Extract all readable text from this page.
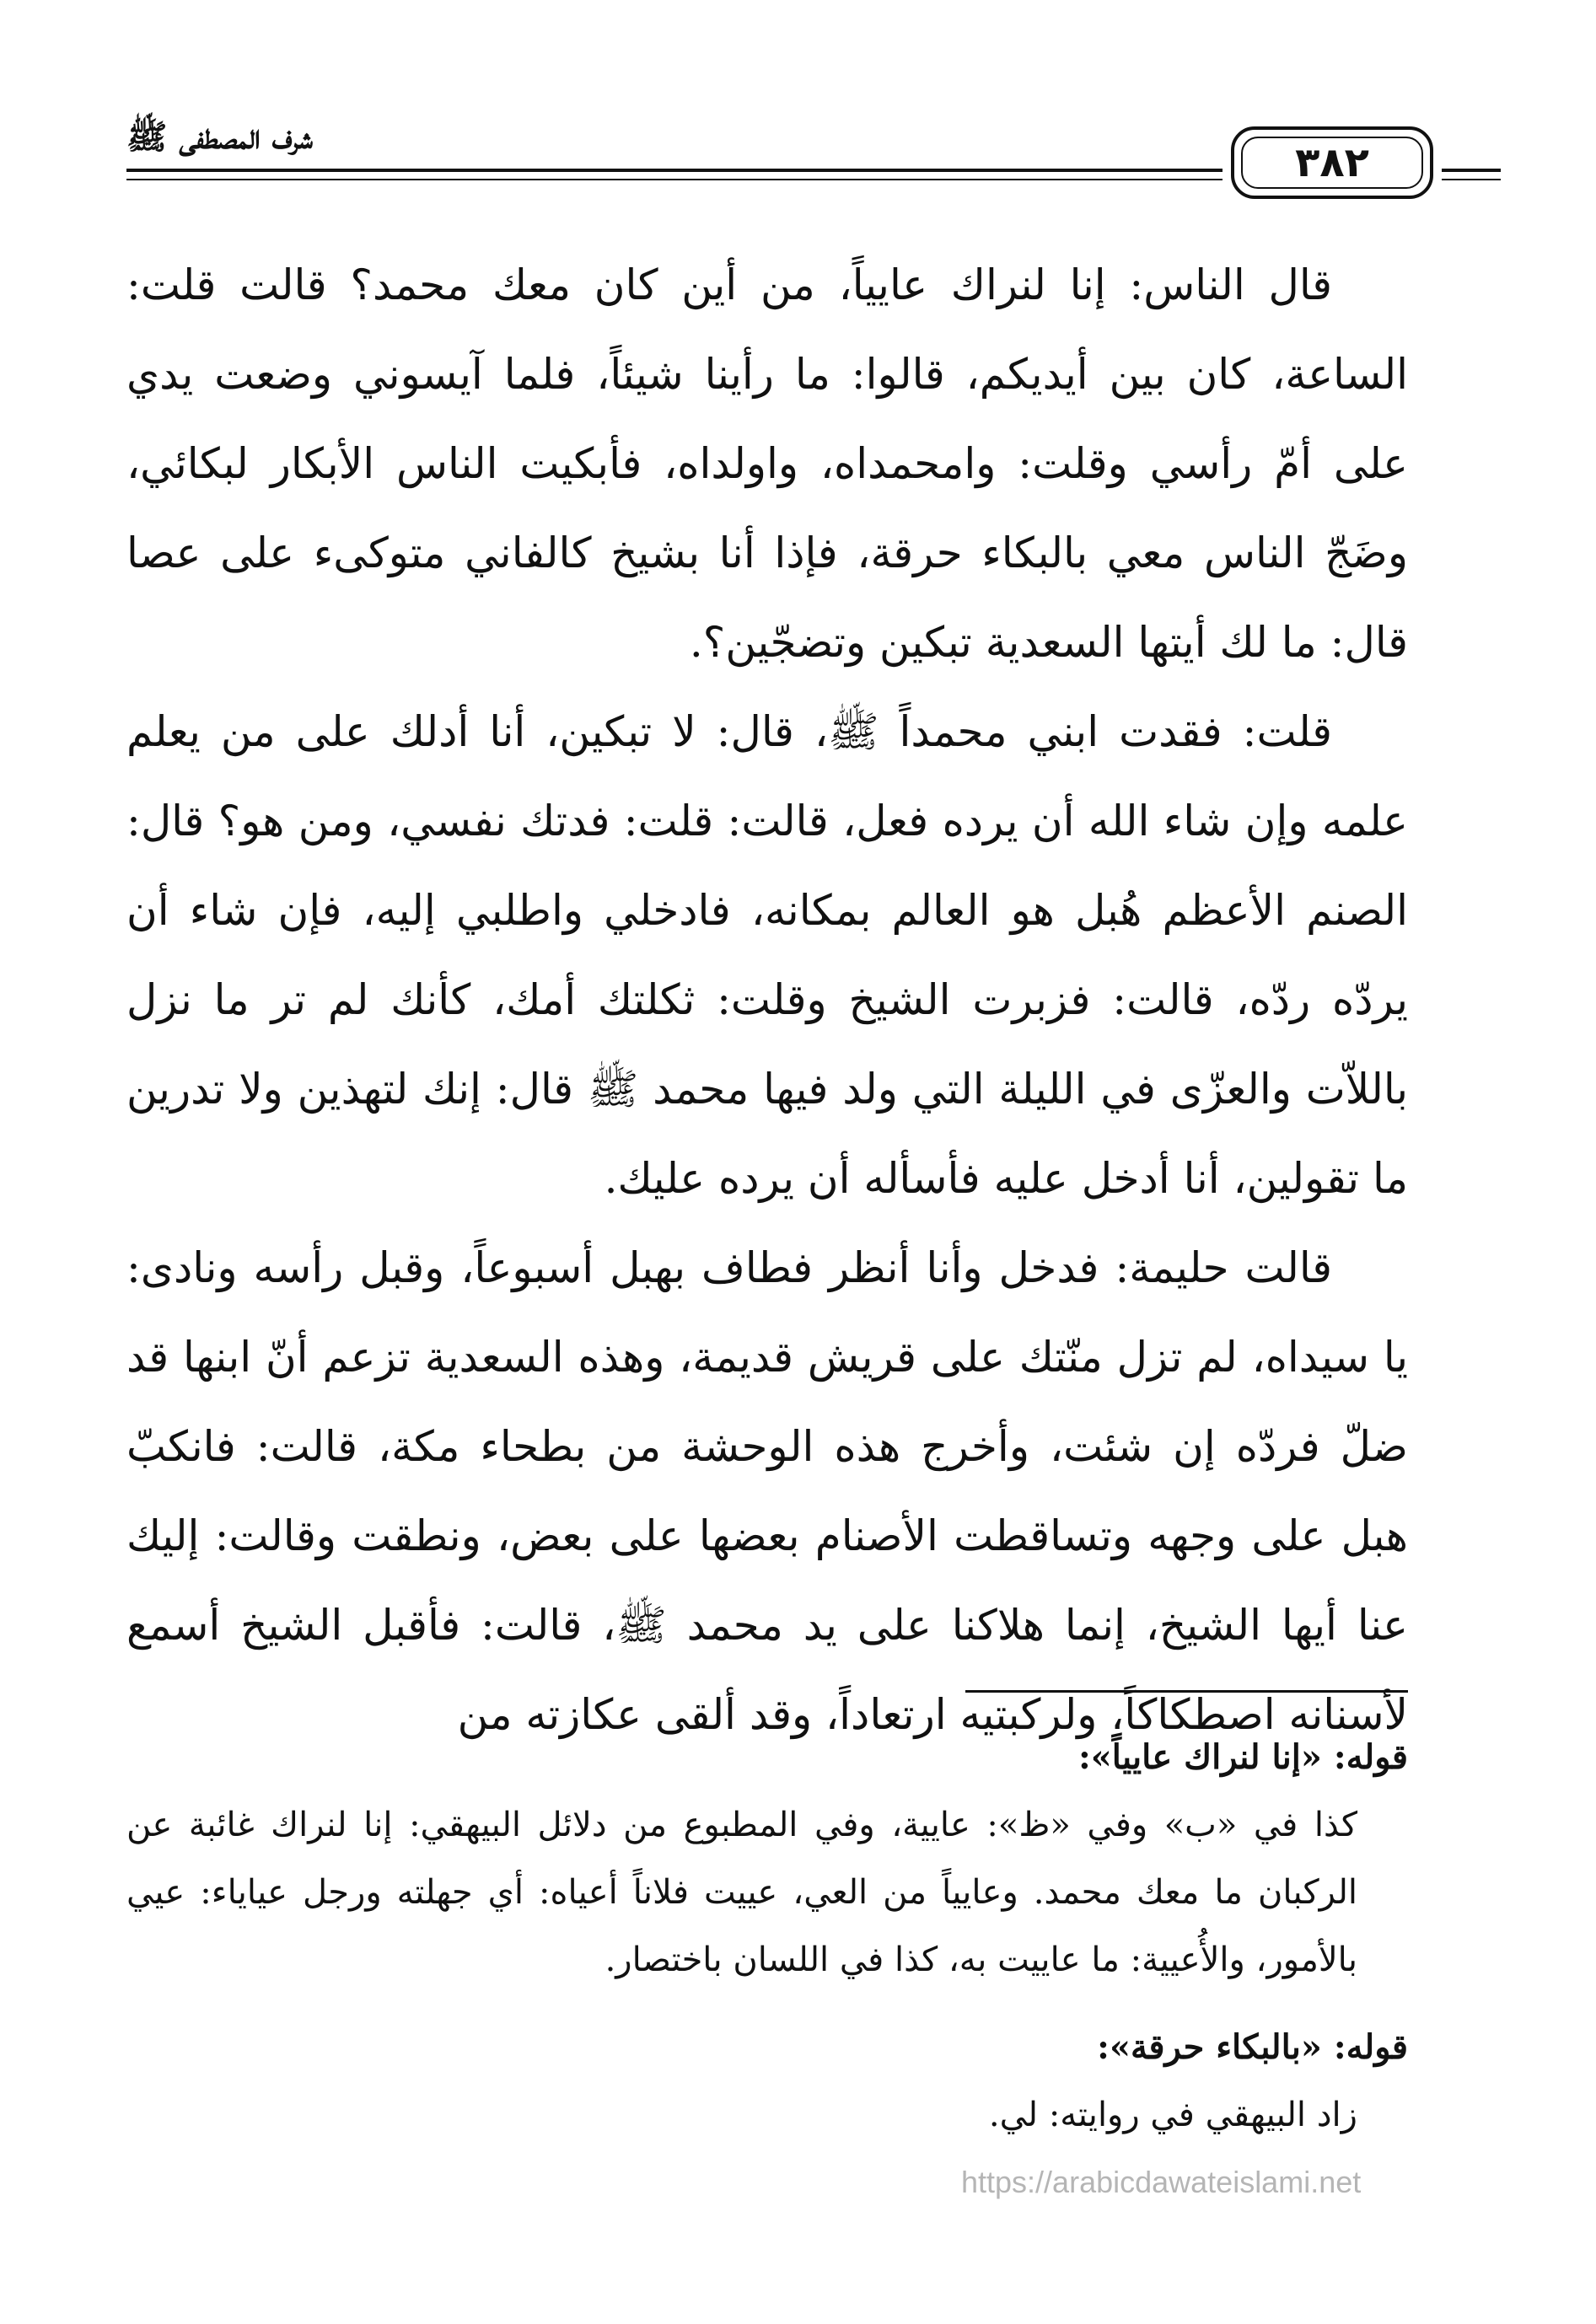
شرف المصطفى ﷺ
٣٨٢

قال الناس: إنا لنراك عايياً، من أين كان معك محمد؟ قالت قلت: الساعة، كان بين أيديكم، قالوا: ما رأينا شيئاً، فلما آيسوني وضعت يدي على أمّ رأسي وقلت: وامحمداه، واولداه، فأبكيت الناس الأبكار لبكائي، وضَجّ الناس معي بالبكاء حرقة، فإذا أنا بشيخ كالفاني متوكىء على عصا قال: ما لك أيتها السعدية تبكين وتضجّين؟.

قلت: فقدت ابني محمداً ﷺ، قال: لا تبكين، أنا أدلك على من يعلم علمه وإن شاء الله أن يرده فعل، قالت: قلت: فدتك نفسي، ومن هو؟ قال: الصنم الأعظم هُبل هو العالم بمكانه، فادخلي واطلبي إليه، فإن شاء أن يردّه ردّه، قالت: فزبرت الشيخ وقلت: ثكلتك أمك، كأنك لم تر ما نزل باللاّت والعزّى في الليلة التي ولد فيها محمد ﷺ قال: إنك لتهذين ولا تدرين ما تقولين، أنا أدخل عليه فأسأله أن يرده عليك.

قالت حليمة: فدخل وأنا أنظر فطاف بهبل أسبوعاً، وقبل رأسه ونادى: يا سيداه، لم تزل منّتك على قريش قديمة، وهذه السعدية تزعم أنّ ابنها قد ضلّ فردّه إن شئت، وأخرج هذه الوحشة من بطحاء مكة، قالت: فانكبّ هبل على وجهه وتساقطت الأصنام بعضها على بعض، ونطقت وقالت: إليك عنا أيها الشيخ، إنما هلاكنا على يد محمد ﷺ، قالت: فأقبل الشيخ أسمع لأسنانه اصطكاكاً، ولركبتيه ارتعاداً، وقد ألقى عكازته من

قوله: «إنا لنراك عايياً»:

كذا في «ب» وفي «ظ»: عايية، وفي المطبوع من دلائل البيهقي: إنا لنراك غائبة عن الركبان ما معك محمد. وعايياً من العي، عييت فلاناً أعياه: أي جهلته ورجل عياياء: عيي بالأمور، والأُعيية: ما عاييت به، كذا في اللسان باختصار.

قوله: «بالبكاء حرقة»:

زاد البيهقي في روايته: لي.

https://arabicdawateislami.net
